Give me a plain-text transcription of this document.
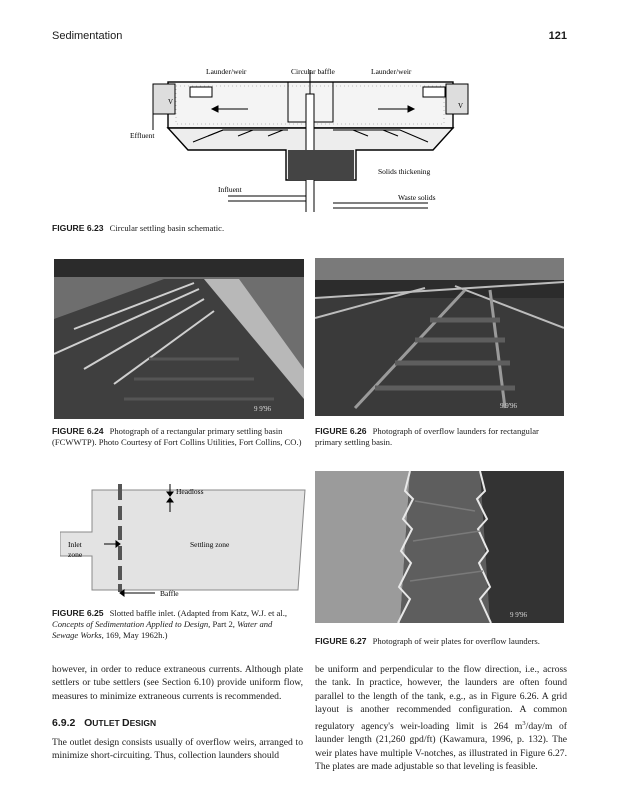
Sedimentation	121
Launder/weir	Circular baffle	Launder/weir
V	V
Effluent
Solids thickening
Influent
Waste solids
FIGURE 6.23 Circular settling basin schematic.
9 9'96
FIGURE 6.24 Photograph of a rectangular primary settling basin (FCWWTP). Photo Courtesy of Fort Collins Utilities, Fort Collins, CO.)
9 9'96
FIGURE 6.26 Photograph of overflow launders for rectangular primary settling basin.
Headloss
Inlet
zone
Settling zone
Baffle
FIGURE 6.25 Slotted baffle inlet. (Adapted from Katz, W.J. et al.,
Concepts of Sedimentation Applied to Design, Part 2, Water and
Sewage Works, 169, May 1962h.)
9 9'96
FIGURE 6.27 Photograph of weir plates for overflow launders.
however, in order to reduce extraneous currents. Although plate settlers or tube settlers (see Section 6.10) provide uniform flow, measures to minimize extraneous currents is recommended.
6.9.2 OUTLET DESIGN
The outlet design consists usually of overflow weirs, arranged to minimize short-circuiting. Thus, collection launders should
be uniform and perpendicular to the flow direction, i.e., across the tank. In practice, however, the launders are often found parallel to the length of the tank, e.g., as in Figure 6.26. A grid layout is another recommended configuration. A common regulatory agency's weir-loading limit is 264 $m^3/day/m$ of launder length (21,260 gpd/ft) (Kawamura, 1996, p. 132). The weir plates have multiple V-notches, as illustrated in Figure 6.27. The plates are made adjustable so that leveling is feasible.
